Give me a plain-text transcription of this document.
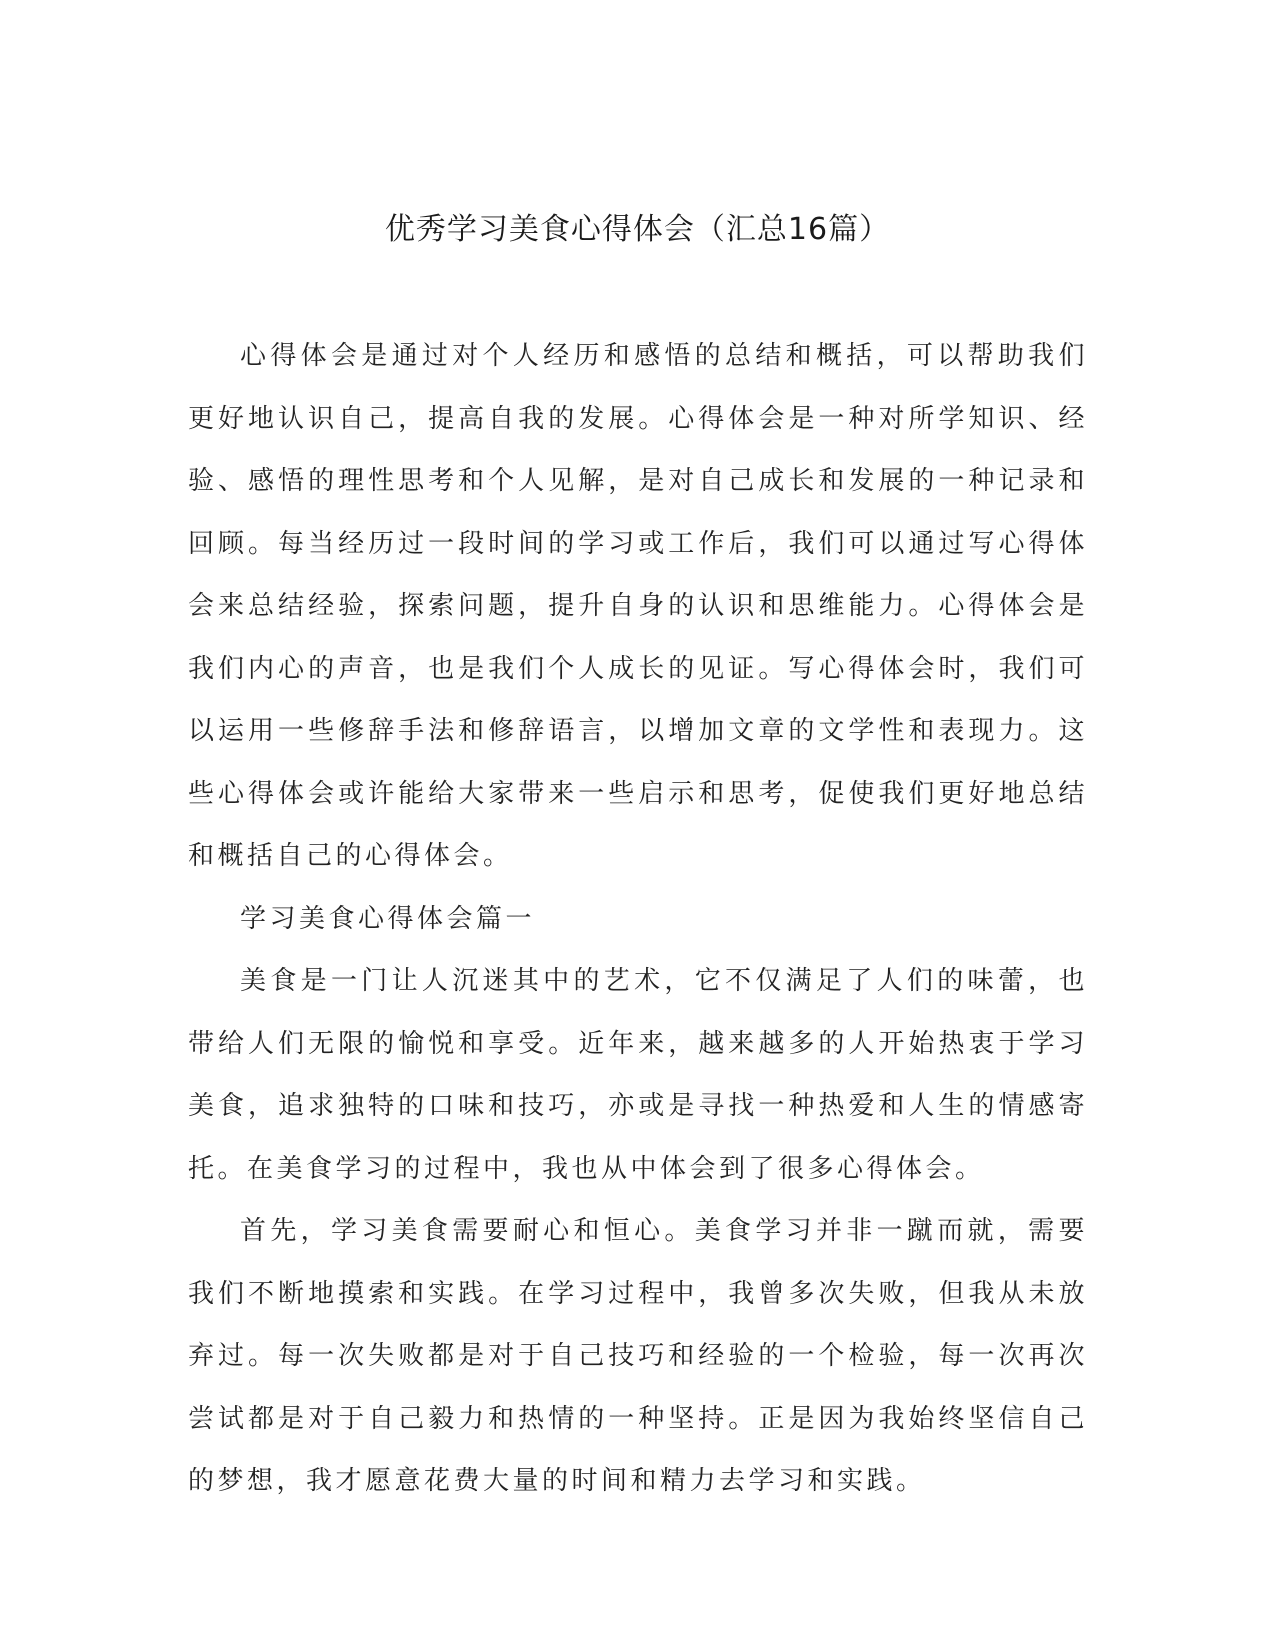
优秀学习美食心得体会（汇总16篇）

心得体会是通过对个人经历和感悟的总结和概括，可以帮助我们更好地认识自己，提高自我的发展。心得体会是一种对所学知识、经验、感悟的理性思考和个人见解，是对自己成长和发展的一种记录和回顾。每当经历过一段时间的学习或工作后，我们可以通过写心得体会来总结经验，探索问题，提升自身的认识和思维能力。心得体会是我们内心的声音，也是我们个人成长的见证。写心得体会时，我们可以运用一些修辞手法和修辞语言，以增加文章的文学性和表现力。这些心得体会或许能给大家带来一些启示和思考，促使我们更好地总结和概括自己的心得体会。

学习美食心得体会篇一

美食是一门让人沉迷其中的艺术，它不仅满足了人们的味蕾，也带给人们无限的愉悦和享受。近年来，越来越多的人开始热衷于学习美食，追求独特的口味和技巧，亦或是寻找一种热爱和人生的情感寄托。在美食学习的过程中，我也从中体会到了很多心得体会。

首先，学习美食需要耐心和恒心。美食学习并非一蹴而就，需要我们不断地摸索和实践。在学习过程中，我曾多次失败，但我从未放弃过。每一次失败都是对于自己技巧和经验的一个检验，每一次再次尝试都是对于自己毅力和热情的一种坚持。正是因为我始终坚信自己的梦想，我才愿意花费大量的时间和精力去学习和实践。
